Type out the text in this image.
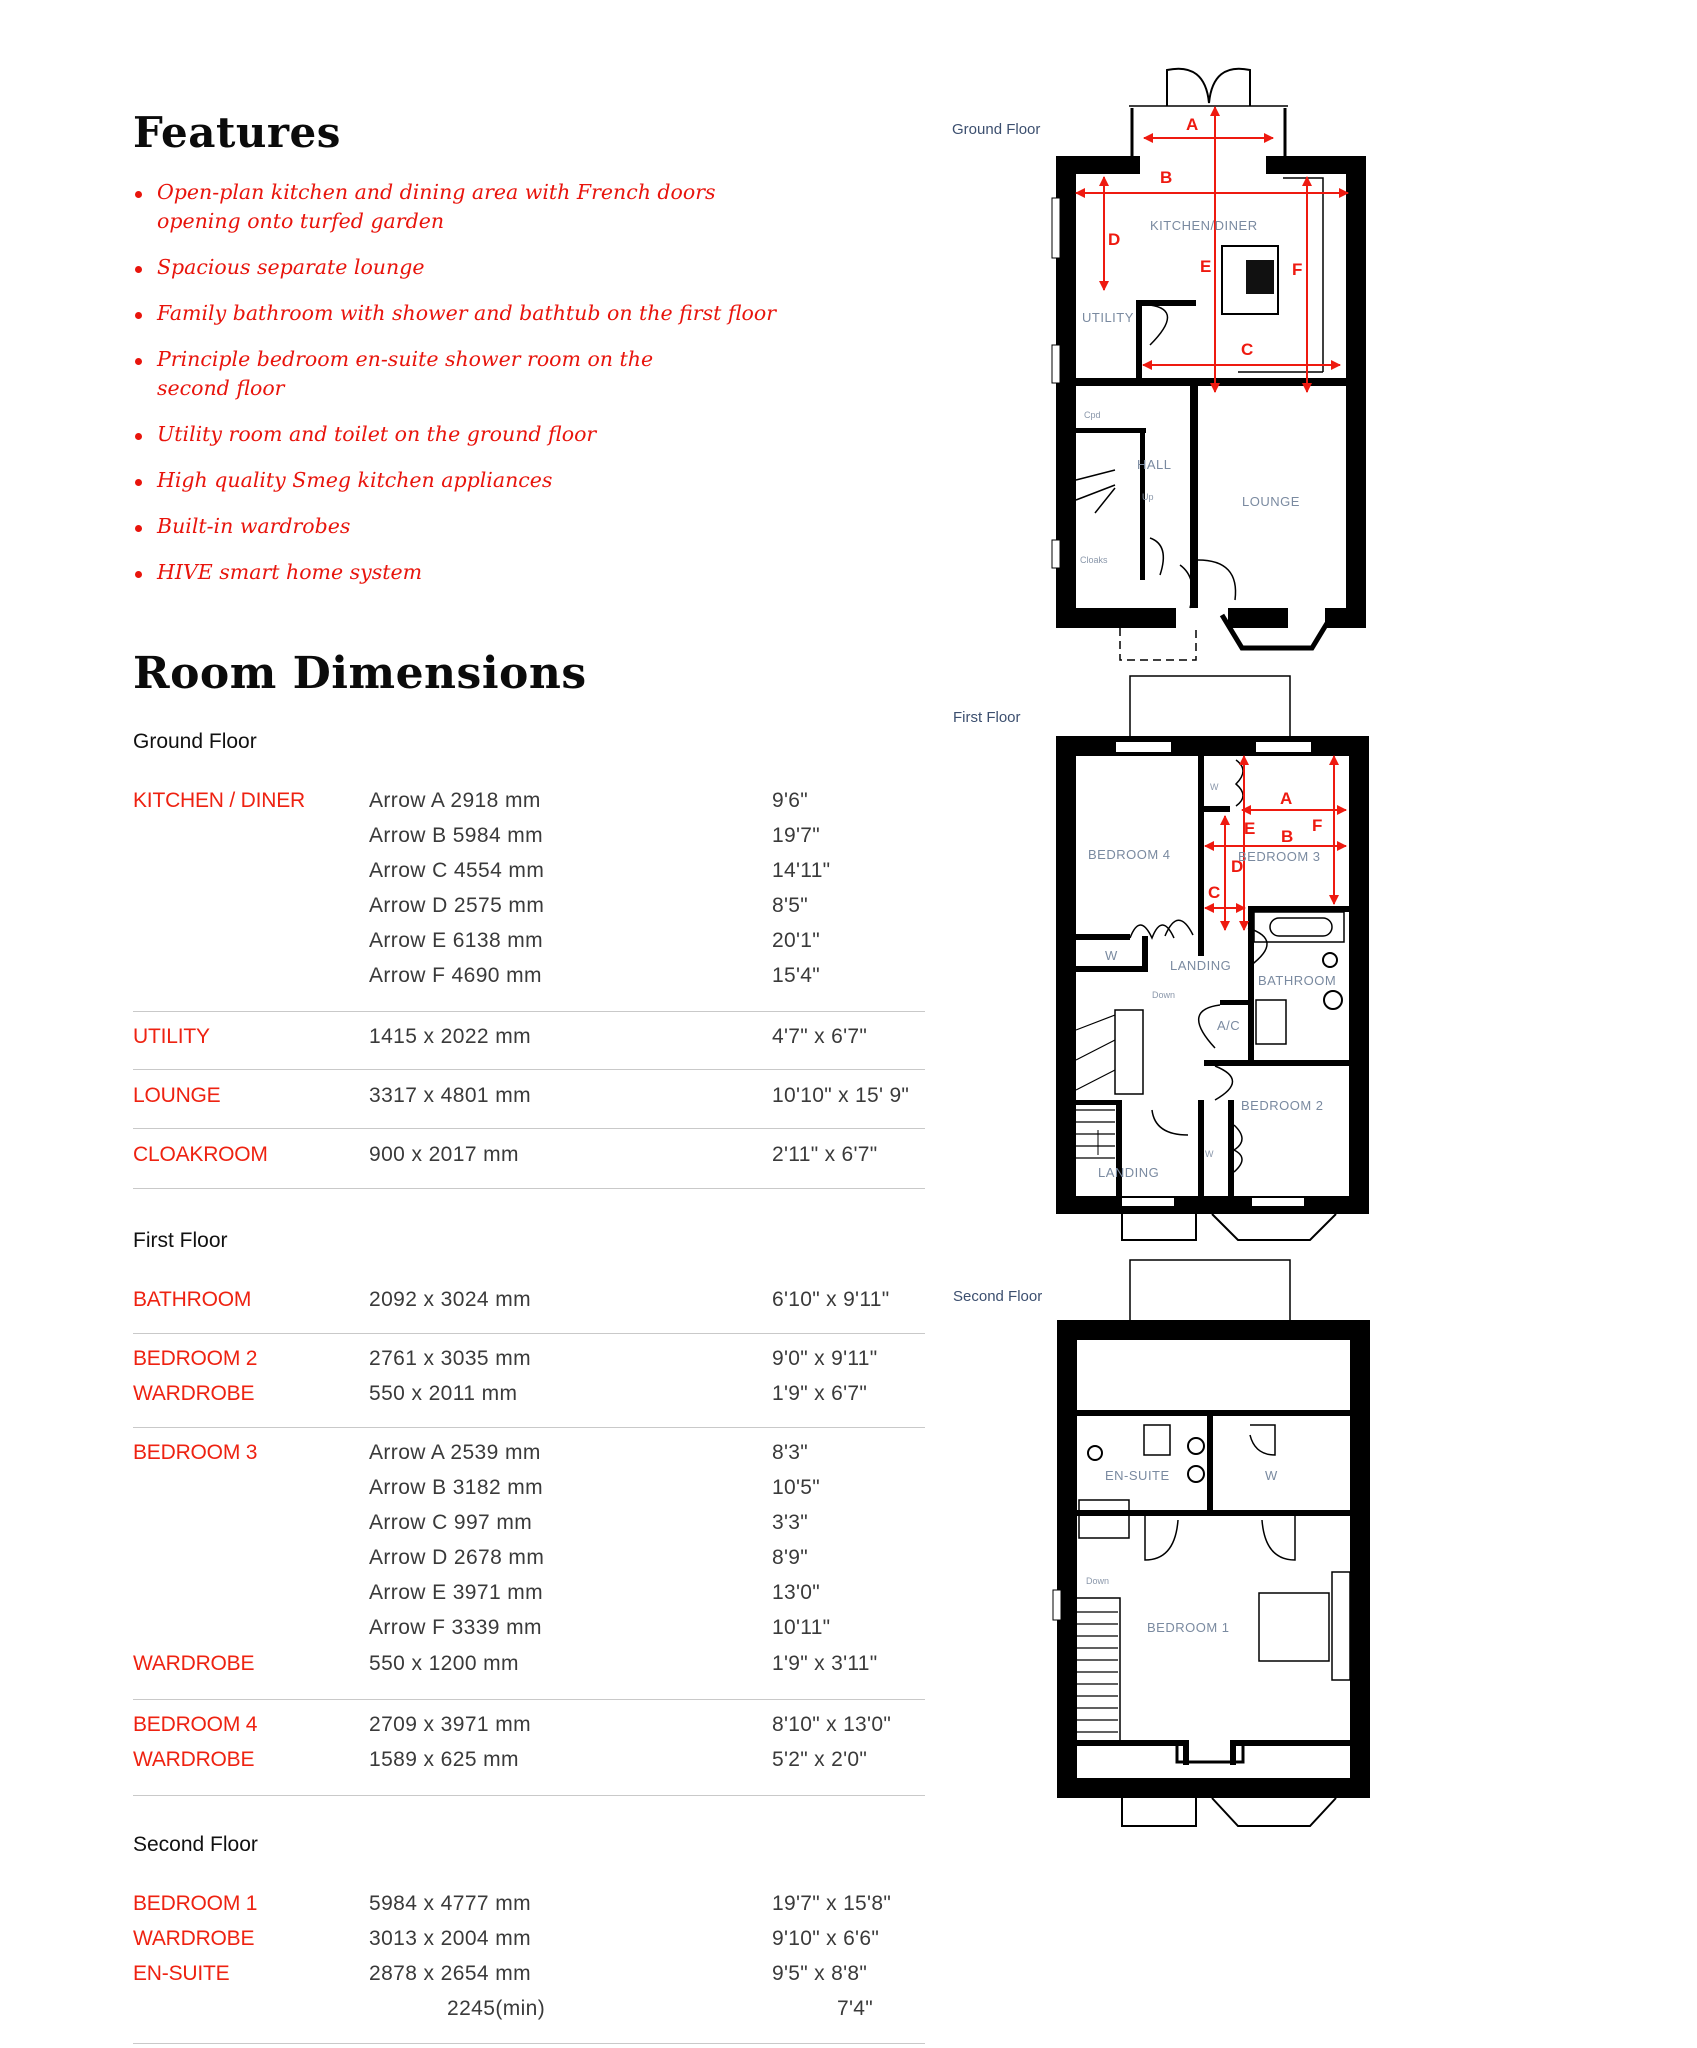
Features
Open-plan kitchen and dining area with French doors opening onto turfed garden
Spacious separate lounge
Family bathroom with shower and bathtub on the first floor
Principle bedroom en-suite shower room on the second floor
Utility room and toilet on the ground floor
High quality Smeg kitchen appliances
Built-in wardrobes
HIVE smart home system
Room Dimensions
Ground Floor
KITCHEN / DINER	Arrow A 2918 mm	9'6"
Arrow B 5984 mm	19'7"
Arrow C 4554 mm	14'11"
Arrow D 2575 mm	8'5"
Arrow E 6138 mm	20'1"
Arrow F 4690 mm	15'4"
UTILITY	1415 x 2022 mm	4'7" x 6'7"
LOUNGE	3317 x 4801 mm	10'10" x 15' 9"
CLOAKROOM	900 x 2017 mm	2'11" x 6'7"
First Floor
BATHROOM	2092 x 3024 mm	6'10" x 9'11"
BEDROOM 2	2761 x 3035 mm	9'0" x 9'11"
WARDROBE	550 x 2011 mm	1'9" x 6'7"
BEDROOM 3	Arrow A 2539 mm	8'3"
Arrow B 3182 mm	10'5"
Arrow C 997 mm	3'3"
Arrow D 2678 mm	8'9"
Arrow E 3971 mm	13'0"
Arrow F 3339 mm	10'11"
WARDROBE	550 x 1200 mm	1'9" x 3'11"
BEDROOM 4	2709 x 3971 mm	8'10" x 13'0"
WARDROBE	1589 x 625 mm	5'2" x 2'0"
Second Floor
BEDROOM 1	5984 x 4777 mm	19'7" x 15'8"
WARDROBE	3013 x 2004 mm	9'10" x 6'6"
EN-SUITE	2878 x 2654 mm	9'5" x 8'8"
2245(min)	7'4"
Ground Floor
First Floor
Second Floor
A
B
C
D
E	F
KITCHEN/DINER
UTILITY
HALL
LOUNGE
Cloaks
Cpd
Up
A
B
C
D
E	F
BEDROOM 4	BEDROOM 3
BATHROOM
LANDING
A/C
BEDROOM 2
LANDING
W
W
W
Down
EN-SUITE	W
BEDROOM 1
Down
